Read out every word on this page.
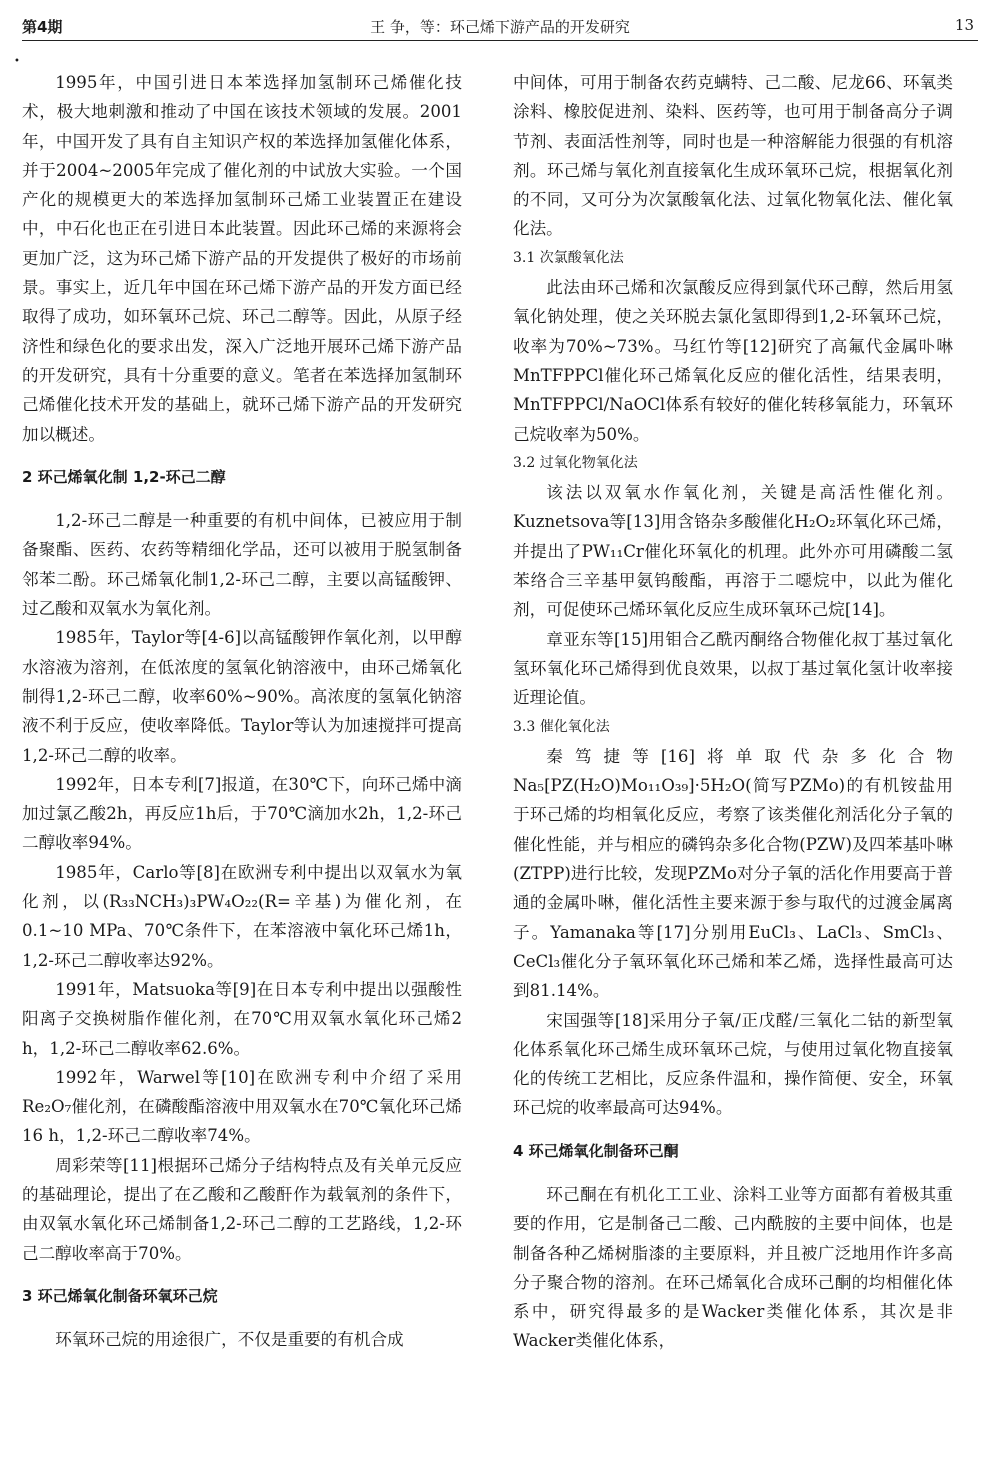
第4期	王 争，等：环己烯下游产品的开发研究	13
•

1995年，中国引进日本苯选择加氢制环己烯催化技术，极大地刺激和推动了中国在该技术领域的发展。2001年，中国开发了具有自主知识产权的苯选择加氢催化体系，并于2004~2005年完成了催化剂的中试放大实验。一个国产化的规模更大的苯选择加氢制环己烯工业装置正在建设中，中石化也正在引进日本此装置。因此环己烯的来源将会更加广泛，这为环己烯下游产品的开发提供了极好的市场前景。事实上，近几年中国在环己烯下游产品的开发方面已经取得了成功，如环氧环己烷、环己二醇等。因此，从原子经济性和绿色化的要求出发，深入广泛地开展环己烯下游产品的开发研究，具有十分重要的意义。笔者在苯选择加氢制环己烯催化技术开发的基础上，就环己烯下游产品的开发研究加以概述。

2 环己烯氧化制 1,2-环己二醇

1,2-环己二醇是一种重要的有机中间体，已被应用于制备聚酯、医药、农药等精细化学品，还可以被用于脱氢制备邻苯二酚。环己烯氧化制1,2-环己二醇，主要以高锰酸钾、过乙酸和双氧水为氧化剂。

1985年，Taylor等[4-6]以高锰酸钾作氧化剂，以甲醇水溶液为溶剂，在低浓度的氢氧化钠溶液中，由环己烯氧化制得1,2-环己二醇，收率60%~90%。高浓度的氢氧化钠溶液不利于反应，使收率降低。Taylor等认为加速搅拌可提高1,2-环己二醇的收率。

1992年，日本专利[7]报道，在30℃下，向环己烯中滴加过氯乙酸2h，再反应1h后，于70℃滴加水2h，1,2-环己二醇收率94%。

1985年，Carlo等[8]在欧洲专利中提出以双氧水为氧化剂，以(R₃₃NCH₃)₃PW₄O₂₂(R=辛基)为催化剂，在0.1~10 MPa、70℃条件下，在苯溶液中氧化环己烯1h，1,2-环己二醇收率达92%。

1991年，Matsuoka等[9]在日本专利中提出以强酸性阳离子交换树脂作催化剂，在70℃用双氧水氧化环己烯2 h，1,2-环己二醇收率62.6%。

1992年，Warwel等[10]在欧洲专利中介绍了采用Re₂O₇催化剂，在磷酸酯溶液中用双氧水在70℃氧化环己烯16 h，1,2-环己二醇收率74%。

周彩荣等[11]根据环己烯分子结构特点及有关单元反应的基础理论，提出了在乙酸和乙酸酐作为载氧剂的条件下，由双氧水氧化环己烯制备1,2-环己二醇的工艺路线，1,2-环己二醇收率高于70%。

3 环己烯氧化制备环氧环己烷

环氧环己烷的用途很广，不仅是重要的有机合成

中间体，可用于制备农药克螨特、己二酸、尼龙66、环氧类涂料、橡胶促进剂、染料、医药等，也可用于制备高分子调节剂、表面活性剂等，同时也是一种溶解能力很强的有机溶剂。环己烯与氧化剂直接氧化生成环氧环己烷，根据氧化剂的不同，又可分为次氯酸氧化法、过氧化物氧化法、催化氧化法。

3.1 次氯酸氧化法

此法由环己烯和次氯酸反应得到氯代环己醇，然后用氢氧化钠处理，使之关环脱去氯化氢即得到1,2-环氧环己烷，收率为70%~73%。马红竹等[12]研究了高氟代金属卟啉MnTFPPCl催化环己烯氧化反应的催化活性，结果表明，MnTFPPCl/NaOCl体系有较好的催化转移氧能力，环氧环己烷收率为50%。

3.2 过氧化物氧化法

该法以双氧水作氧化剂，关键是高活性催化剂。Kuznetsova等[13]用含铬杂多酸催化H₂O₂环氧化环己烯，并提出了PW₁₁Cr催化环氧化的机理。此外亦可用磷酸二氢苯络合三辛基甲氨钨酸酯，再溶于二噁烷中，以此为催化剂，可促使环己烯环氧化反应生成环氧环己烷[14]。

章亚东等[15]用钼合乙酰丙酮络合物催化叔丁基过氧化氢环氧化环己烯得到优良效果，以叔丁基过氧化氢计收率接近理论值。

3.3 催化氧化法

秦笃捷等[16]将单取代杂多化合物Na₅[PZ(H₂O)Mo₁₁O₃₉]·5H₂O(简写PZMo)的有机铵盐用于环己烯的均相氧化反应，考察了该类催化剂活化分子氧的催化性能，并与相应的磷钨杂多化合物(PZW)及四苯基卟啉(ZTPP)进行比较，发现PZMo对分子氧的活化作用要高于普通的金属卟啉，催化活性主要来源于参与取代的过渡金属离子。Yamanaka等[17]分别用EuCl₃、LaCl₃、SmCl₃、CeCl₃催化分子氧环氧化环己烯和苯乙烯，选择性最高可达到81.14%。

宋国强等[18]采用分子氧/正戊醛/三氧化二钴的新型氧化体系氧化环己烯生成环氧环己烷，与使用过氧化物直接氧化的传统工艺相比，反应条件温和，操作简便、安全，环氧环己烷的收率最高可达94%。

4 环己烯氧化制备环己酮

环己酮在有机化工工业、涂料工业等方面都有着极其重要的作用，它是制备己二酸、己内酰胺的主要中间体，也是制备各种乙烯树脂漆的主要原料，并且被广泛地用作许多高分子聚合物的溶剂。在环己烯氧化合成环己酮的均相催化体系中，研究得最多的是Wacker类催化体系，其次是非Wacker类催化体系，
